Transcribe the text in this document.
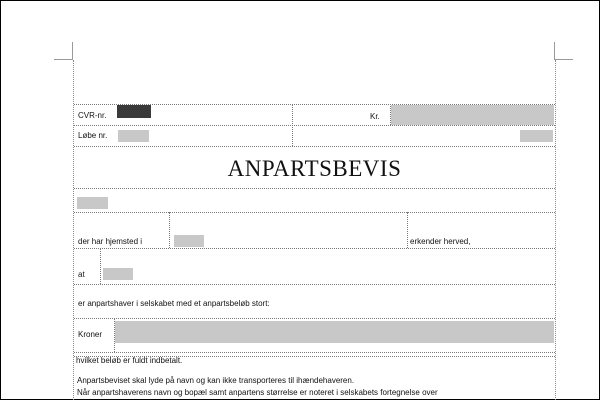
CVR-nr.	Kr.
Løbe nr.
ANPARTSBEVIS
der har hjemsted i	erkender herved,
at
er anpartshaver i selskabet med et anpartsbeløb stort:
Kroner
hvilket beløb er fuldt indbetalt.
Anpartsbeviset skal lyde på navn og kan ikke transporteres til ihændehaveren.
Når anpartshaverens navn og bopæl samt anpartens størrelse er noteret i selskabets fortegnelse over
